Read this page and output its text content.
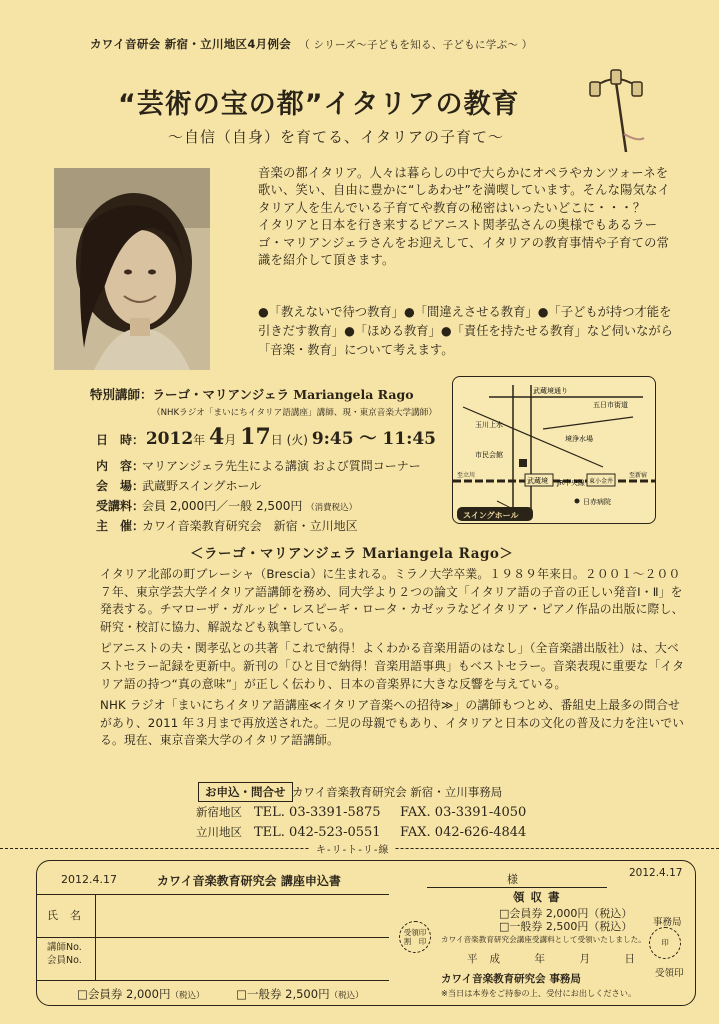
カワイ音研会 新宿・立川地区4月例会 （ シリーズ〜子どもを知る、子どもに学ぶ〜 ）
“芸術の宝の都”イタリアの教育
〜自信（自身）を育てる、イタリアの子育て〜

音楽の都イタリア。人々は暮らしの中で大らかにオペラやカンツォーネを歌い、笑い、自由に豊かに“しあわせ”を満喫しています。そんな陽気なイタリア人を生んでいる子育てや教育の秘密はいったいどこに・・・？

イタリアと日本を行き来するピアニスト関孝弘さんの奥様でもあるラーゴ・マリアンジェラさんをお迎えして、イタリアの教育事情や子育ての常識を紹介して頂きます。

●「教えないで待つ教育」●「間違えさせる教育」●「子どもが持つ才能を引きだす教育」●「ほめる教育」●「責任を持たせる教育」など伺いながら「音楽・教育」について考えます。
特別講師：ラーゴ・マリアンジェラ Mariangela Rago
（NHKラジオ「まいにちイタリア語講座」講師、現・東京音楽大学講師）
日　時： 2012年 4月 17日 (火) 9:45 〜 11:45
内　容：マリアンジェラ先生による講演 および質問コーナー
会　場：武蔵野スイングホール
受講料：会員 2,000円／一般 2,500円 （消費税込）
主　催：カワイ音楽教育研究会　新宿・立川地区
武蔵境通り
五日市街道
玉川上水
境浄水場
市民会館
JR中央線
武蔵境	東小金井
日赤病院
至立川	至新宿
スイングホール
＜ラーゴ・マリアンジェラ Mariangela Rago＞

イタリア北部の町ブレーシャ（Brescia）に生まれる。ミラノ大学卒業。１９８９年来日。２００１〜２００７年、東京学芸大学イタリア語講師を務め、同大学より２つの論文「イタリア語の子音の正しい発音Ⅰ・Ⅱ」を発表する。チマローザ・ガルッピ・レスピーギ・ロータ・カゼッラなどイタリア・ピアノ作品の出版に際し、研究・校訂に協力、解説なども執筆している。

ピアニストの夫・関孝弘との共著「これで納得！よくわかる音楽用語のはなし」（全音楽譜出版社）は、大ベストセラー記録を更新中。新刊の「ひと目で納得！音楽用語事典」もベストセラー。音楽表現に重要な「イタリア語の持つ“真の意味”」が正しく伝わり、日本の音楽界に大きな反響を与えている。

NHK ラジオ「まいにちイタリア語講座≪イタリア音楽への招待≫」の講師もつとめ、番組史上最多の問合せがあり、2011 年３月まで再放送された。二児の母親でもあり、イタリアと日本の文化の普及に力を注いでいる。現在、東京音楽大学のイタリア語講師。

お申込・問合せ カワイ音楽教育研究会 新宿・立川事務局
新宿地区 TEL. 03-3391-5875 FAX. 03-3391-4050
立川地区 TEL. 042-523-0551 FAX. 042-626-4844
キ‐リ‐ト‐リ‐線
2012.4.17	カワイ音楽教育研究会 講座申込書
氏名
講師No.
会員No.
□会員券 2,000円（税込）	□一般券 2,500円（税込）
受領印
割　印
様	2012.4.17
領 収 書
□会員券 2,000円（税込）
□一般券 2,500円（税込）
カワイ音楽教育研究会講座受講料として受領いたしました。
平成　年　月　日
カワイ音楽教育研究会 事務局
※当日は本券をご持参の上、受付にお出しください。
事務局
印
受領印
